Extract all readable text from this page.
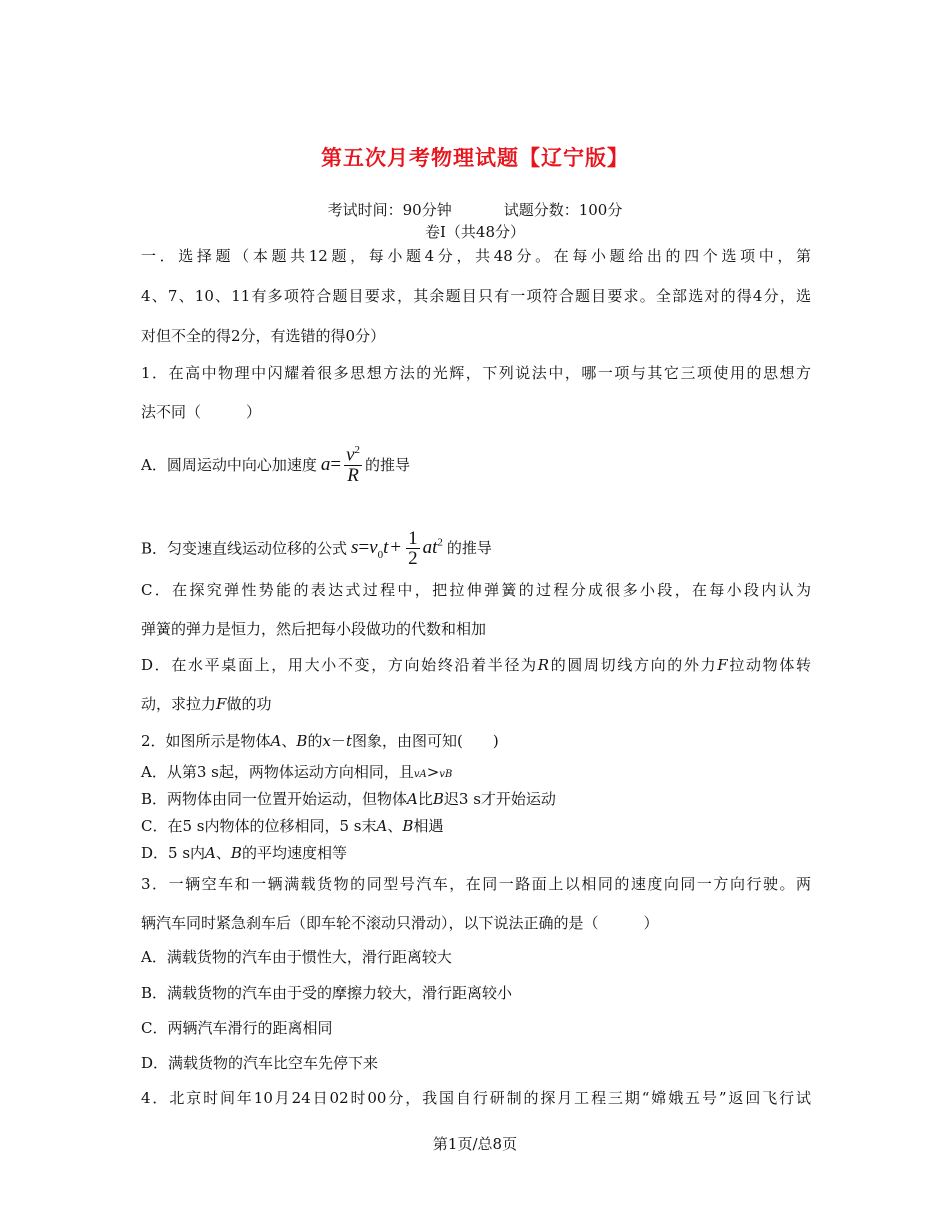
第五次月考物理试题【辽宁版】
考试时间：90分钟	试题分数：100分
卷Ⅰ（共48分）
一．选择题（本题共12题，每小题4分，共48分。在每小题给出的四个选项中，第
4、7、10、11有多项符合题目要求，其余题目只有一项符合题目要求。全部选对的得4分，选
对但不全的得2分，有选错的得0分）
1．在高中物理中闪耀着很多思想方法的光辉，下列说法中，哪一项与其它三项使用的思想方
法不同（　　　）
A．圆周运动中向心加速度 $a= \frac{v^2}{R}$ 的推导
B．匀变速直线运动位移的公式 $s=v_0t + \frac{1}{2} at^2$ 的推导
C．在探究弹性势能的表达式过程中，把拉伸弹簧的过程分成很多小段，在每小段内认为
弹簧的弹力是恒力，然后把每小段做功的代数和相加
D．在水平桌面上，用大小不变，方向始终沿着半径为R的圆周切线方向的外力F拉动物体转
动，求拉力F做的功
2．如图所示是物体A、B的x－t图象，由图可知(　　)
A．从第3 s起，两物体运动方向相同，且vA>vB
B．两物体由同一位置开始运动，但物体A比B迟3 s才开始运动
C．在5 s内物体的位移相同，5 s末A、B相遇
D．5 s内A、B的平均速度相等
3．一辆空车和一辆满载货物的同型号汽车，在同一路面上以相同的速度向同一方向行驶。两
辆汽车同时紧急刹车后（即车轮不滚动只滑动），以下说法正确的是（　　　）
A．满载货物的汽车由于惯性大，滑行距离较大
B．满载货物的汽车由于受的摩擦力较大，滑行距离较小
C．两辆汽车滑行的距离相同
D．满载货物的汽车比空车先停下来
4．北京时间年10月24日02时00分，我国自行研制的探月工程三期“嫦娥五号”返回飞行试
第1页/总8页
